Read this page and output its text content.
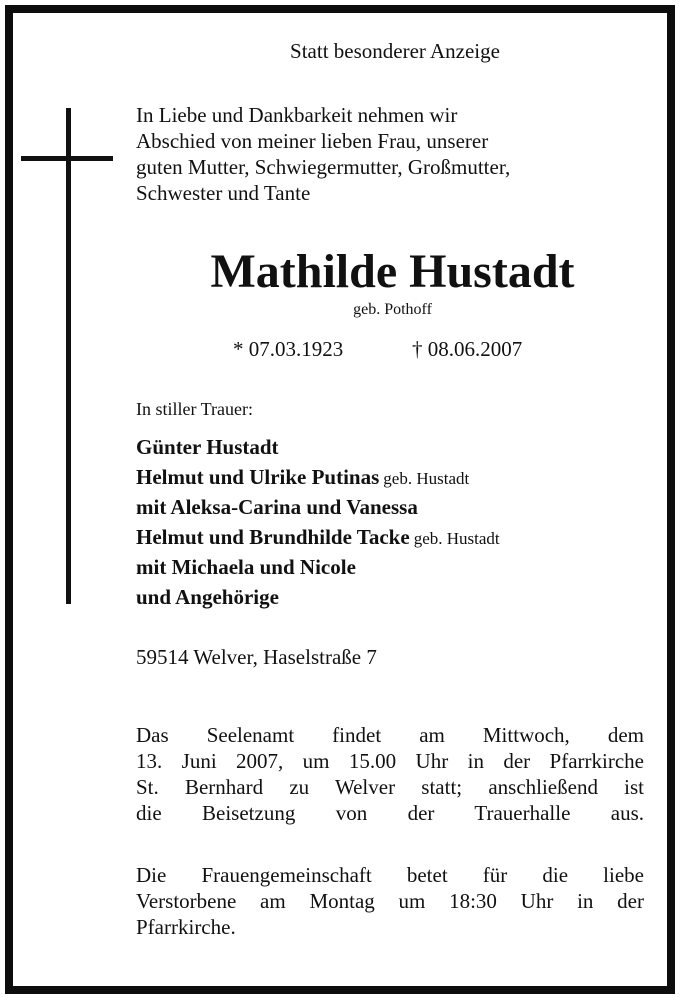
Statt besonderer Anzeige
In Liebe und Dankbarkeit nehmen wir
Abschied von meiner lieben Frau, unserer
guten Mutter, Schwiegermutter, Großmutter,
Schwester und Tante
Mathilde Hustadt
geb. Pothoff
* 07.03.1923	† 08.06.2007
In stiller Trauer:
Günter Hustadt
Helmut und Ulrike Putinas geb. Hustadt
mit Aleksa-Carina und Vanessa
Helmut und Brundhilde Tacke geb. Hustadt
mit Michaela und Nicole
und Angehörige
59514 Welver, Haselstraße 7
Das Seelenamt findet am Mittwoch, dem
13. Juni 2007, um 15.00 Uhr in der Pfarrkirche
St. Bernhard zu Welver statt; anschließend ist
die Beisetzung von der Trauerhalle aus.
Die Frauengemeinschaft betet für die liebe
Verstorbene am Montag um 18:30 Uhr in der
Pfarrkirche.
